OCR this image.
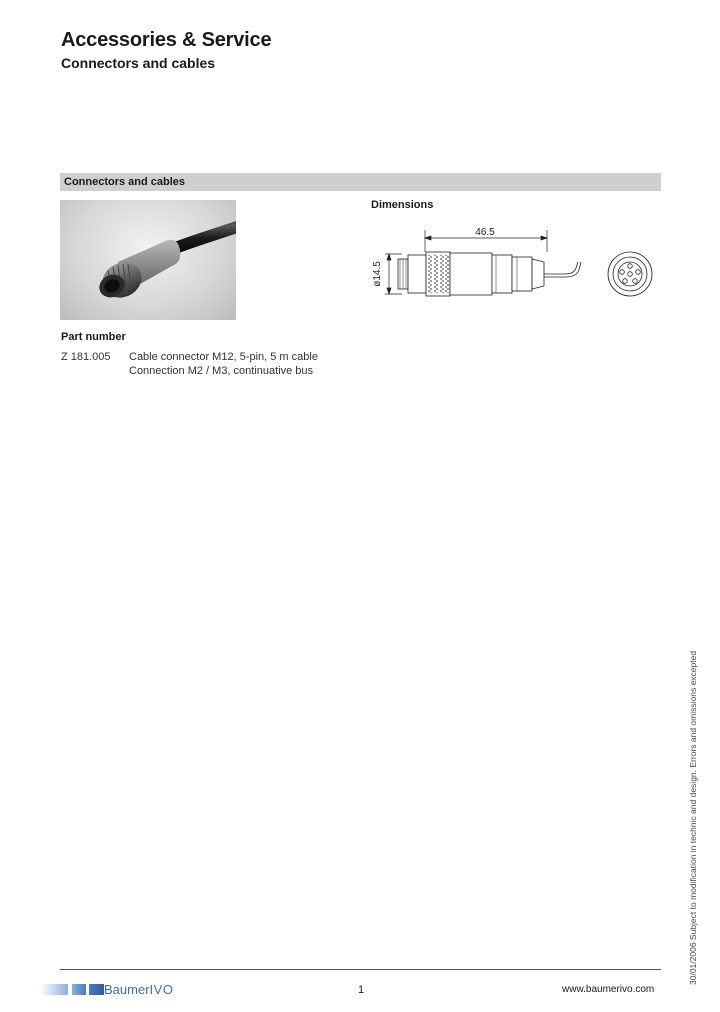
Accessories & Service
Connectors and cables
Connectors and cables
Dimensions
46.5
ø14.5
Part number
Z 181.005 Cable connector M12, 5-pin, 5 m cable
Connection M2 / M3, continuative bus
30/01/2006 Subject to modification in technic and design. Errors and omissions excepted
BaumerIVO	1	www.baumerivo.com
